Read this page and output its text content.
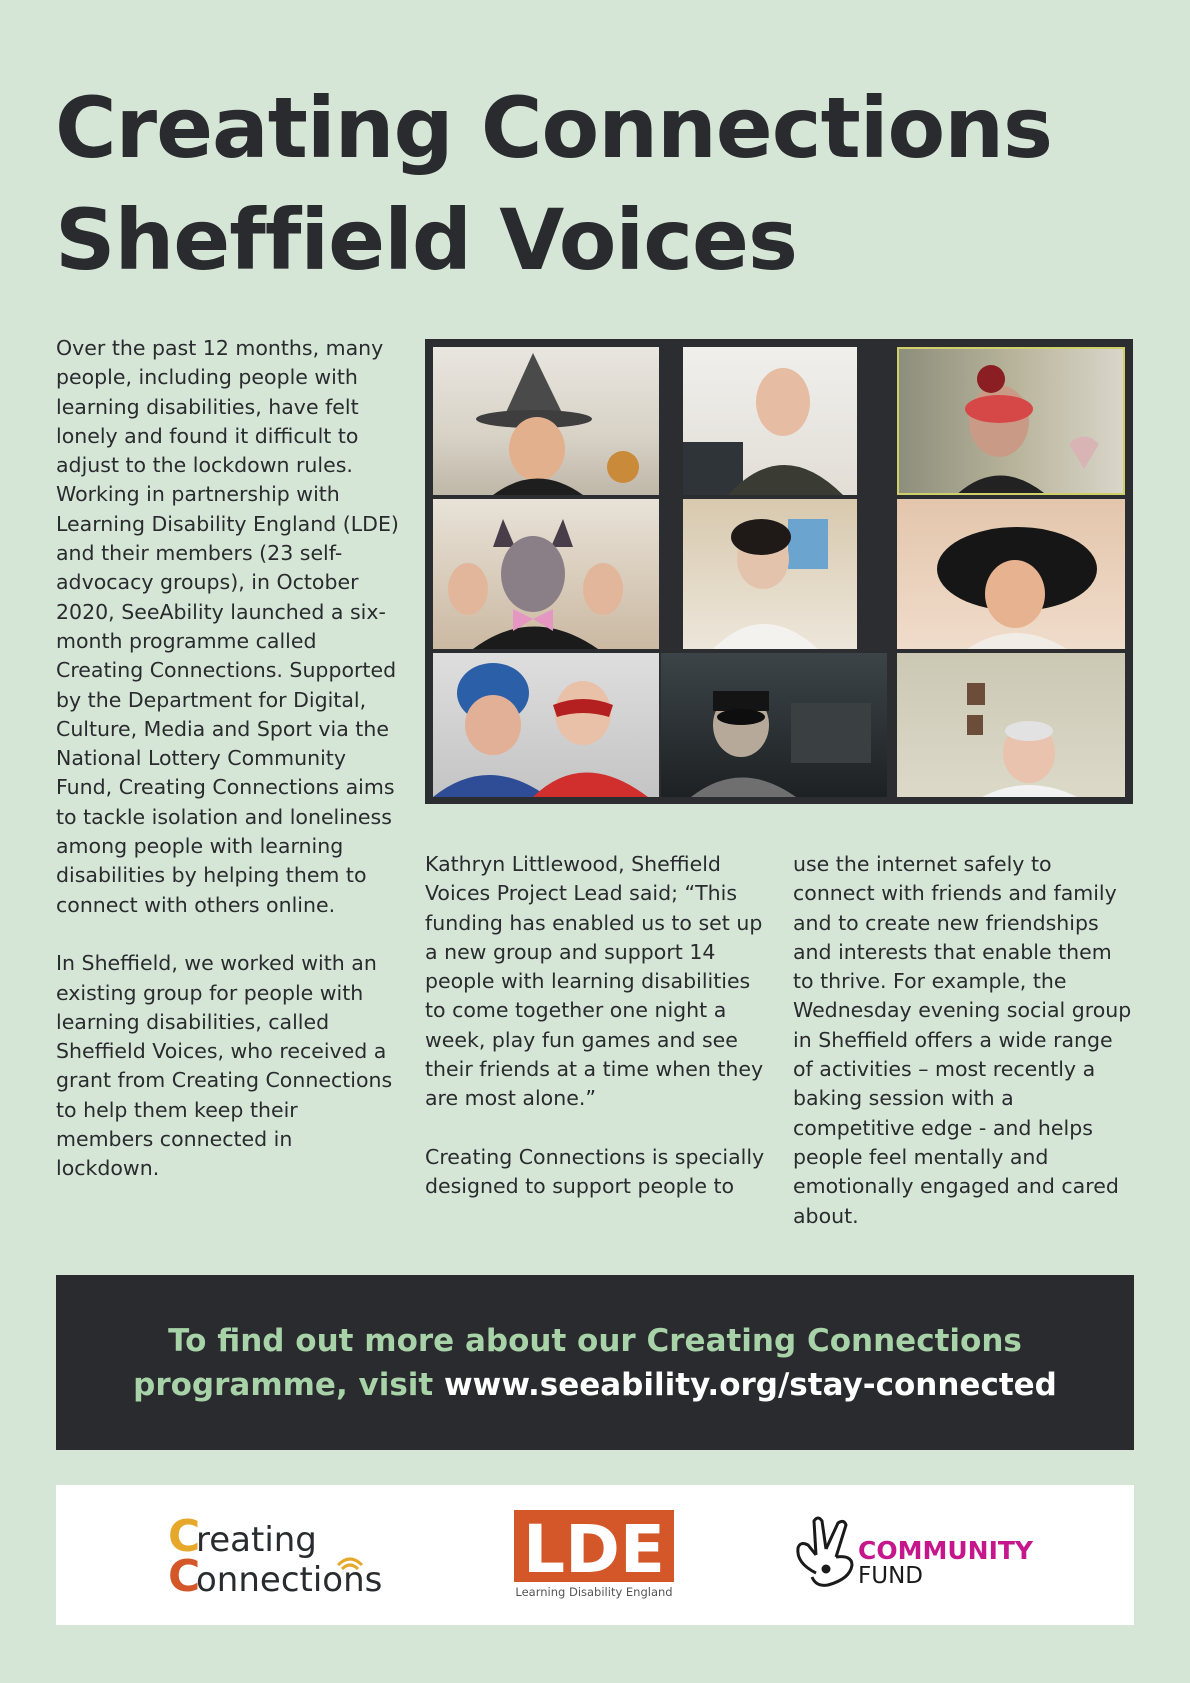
Creating Connections
Sheffield Voices

Over the past 12 months, many people, including people with learning disabilities, have felt lonely and found it difficult to adjust to the lockdown rules. Working in partnership with Learning Disability England (LDE) and their members (23 self-advocacy groups), in October 2020, SeeAbility launched a six-month programme called Creating Connections. Supported by the Department for Digital, Culture, Media and Sport via the National Lottery Community Fund, Creating Connections aims to tackle isolation and loneliness among people with learning disabilities by helping them to connect with others online.

In Sheffield, we worked with an existing group for people with learning disabilities, called Sheffield Voices, who received a grant from Creating Connections to help them keep their members connected in lockdown.

Kathryn Littlewood, Sheffield Voices Project Lead said; “This funding has enabled us to set up a new group and support 14 people with learning disabilities to come together one night a week, play fun games and see their friends at a time when they are most alone.”

Creating Connections is specially designed to support people to

use the internet safely to connect with friends and family and to create new friendships and interests that enable them to thrive. For example, the Wednesday evening social group in Sheffield offers a wide range of activities – most recently a baking session with a competitive edge - and helps people feel mentally and emotionally engaged and cared about.

To find out more about our Creating Connections
programme, visit www.seeability.org/stay-connected
C
reating
C
onnections LDE
Learning Disability England
COMMUNITY
FUND
